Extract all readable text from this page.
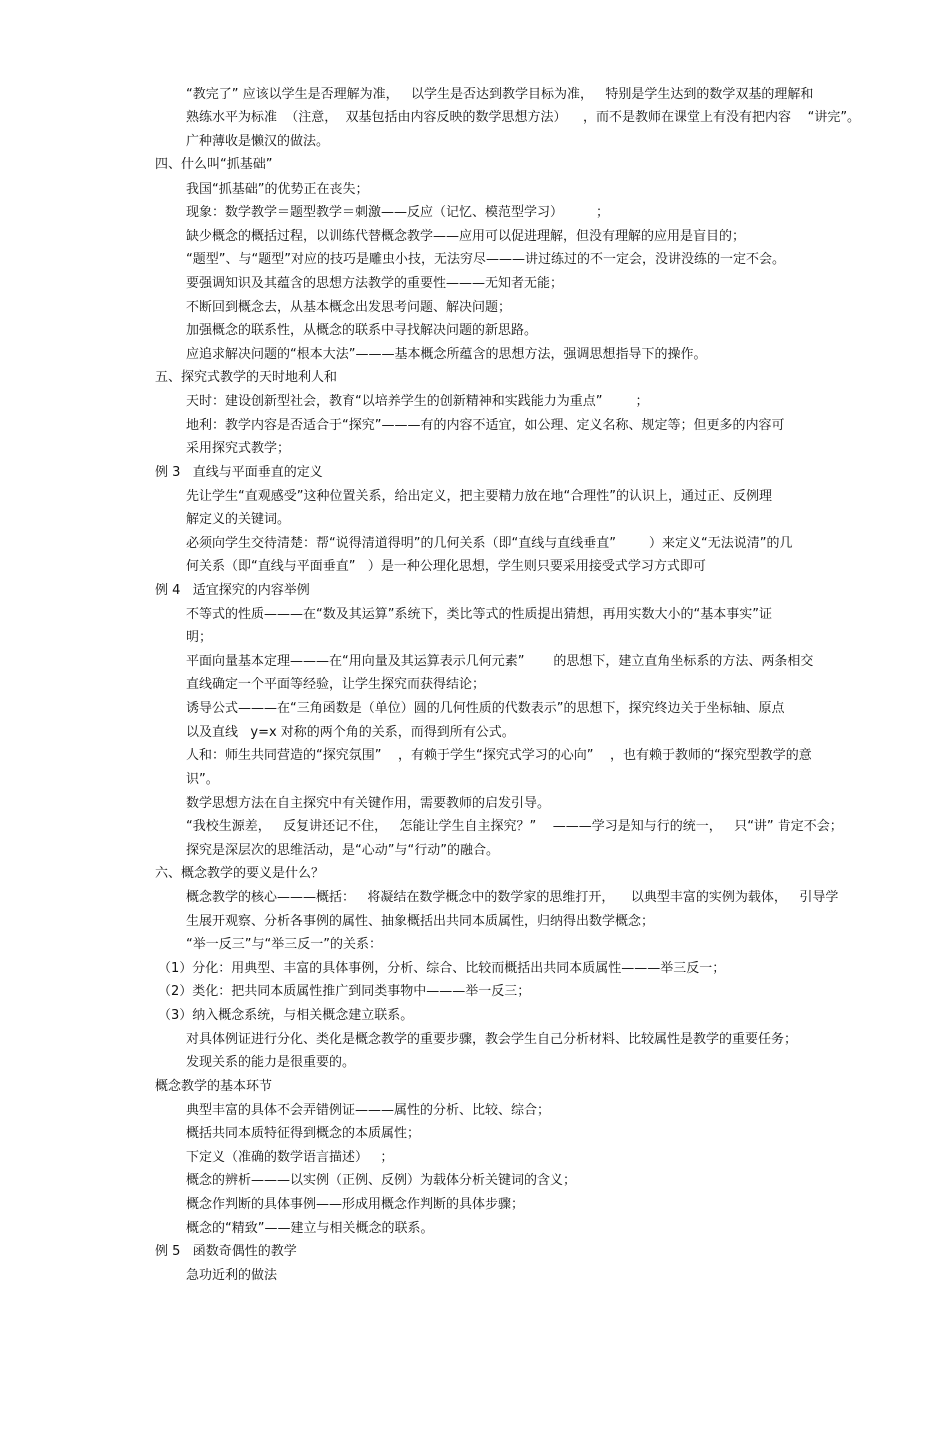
“教完了” 应该以学生是否理解为准，   以学生是否达到教学目标为准，   特别是学生达到的数学双基的理解和
熟练水平为标准  （注意，  双基包括由内容反映的数学思想方法）    ，而不是教师在课堂上有没有把内容    “讲完”。
广种薄收是懒汉的做法。
四、什么叫“抓基础”
我国“抓基础”的优势正在丧失；
现象：数学教学＝题型教学＝刺激——反应（记忆、模范型学习）        ；
缺少概念的概括过程，以训练代替概念教学——应用可以促进理解，但没有理解的应用是盲目的；
“题型”、与“题型”对应的技巧是雕虫小技，无法穷尽———讲过练过的不一定会，没讲没练的一定不会。
要强调知识及其蕴含的思想方法教学的重要性———无知者无能；
不断回到概念去，从基本概念出发思考问题、解决问题；
加强概念的联系性，从概念的联系中寻找解决问题的新思路。
应追求解决问题的“根本大法”———基本概念所蕴含的思想方法，强调思想指导下的操作。
五、探究式教学的天时地利人和
天时：建设创新型社会，教育“以培养学生的创新精神和实践能力为重点”        ；
地利：教学内容是否适合于“探究”———有的内容不适宜，如公理、定义名称、规定等；但更多的内容可
采用探究式教学；
例 3   直线与平面垂直的定义
先让学生“直观感受”这种位置关系，给出定义，把主要精力放在地“合理性”的认识上，通过正、反例理
解定义的关键词。
必须向学生交待清楚：帮“说得清道得明”的几何关系（即“直线与直线垂直”        ）来定义“无法说清”的几
何关系（即“直线与平面垂直”   ）是一种公理化思想，学生则只要采用接受式学习方式即可
例 4   适宜探究的内容举例
不等式的性质———在“数及其运算”系统下，类比等式的性质提出猜想，再用实数大小的“基本事实”证
明；
平面向量基本定理———在“用向量及其运算表示几何元素”       的思想下，建立直角坐标系的方法、两条相交
直线确定一个平面等经验，让学生探究而获得结论；
诱导公式———在“三角函数是（单位）圆的几何性质的代数表示”的思想下，探究终边关于坐标轴、原点
以及直线   y=x 对称的两个角的关系，而得到所有公式。
人和：师生共同营造的“探究氛围”    ，有赖于学生“探究式学习的心向”    ，也有赖于教师的“探究型教学的意
识”。
数学思想方法在自主探究中有关键作用，需要教师的启发引导。
“我校生源差，   反复讲还记不住，   怎能让学生自主探究？”    ———学习是知与行的统一，   只“讲” 肯定不会；
探究是深层次的思维活动，是“心动”与“行动”的融合。
六、概念教学的要义是什么？
概念教学的核心———概括：   将凝结在数学概念中的数学家的思维打开，    以典型丰富的实例为载体，   引导学
生展开观察、分析各事例的属性、抽象概括出共同本质属性，归纳得出数学概念；
“举一反三”与“举三反一”的关系：
（1）分化：用典型、丰富的具体事例，分析、综合、比较而概括出共同本质属性———举三反一；
（2）类化：把共同本质属性推广到同类事物中———举一反三；
（3）纳入概念系统，与相关概念建立联系。
对具体例证进行分化、类化是概念教学的重要步骤，教会学生自己分析材料、比较属性是教学的重要任务；
发现关系的能力是很重要的。
概念教学的基本环节
典型丰富的具体不会弄错例证———属性的分析、比较、综合；
概括共同本质特征得到概念的本质属性；
下定义（准确的数学语言描述）   ；
概念的辨析———以实例（正例、反例）为载体分析关键词的含义；
概念作判断的具体事例——形成用概念作判断的具体步骤；
概念的“精致”——建立与相关概念的联系。
例 5   函数奇偶性的教学
急功近利的做法
